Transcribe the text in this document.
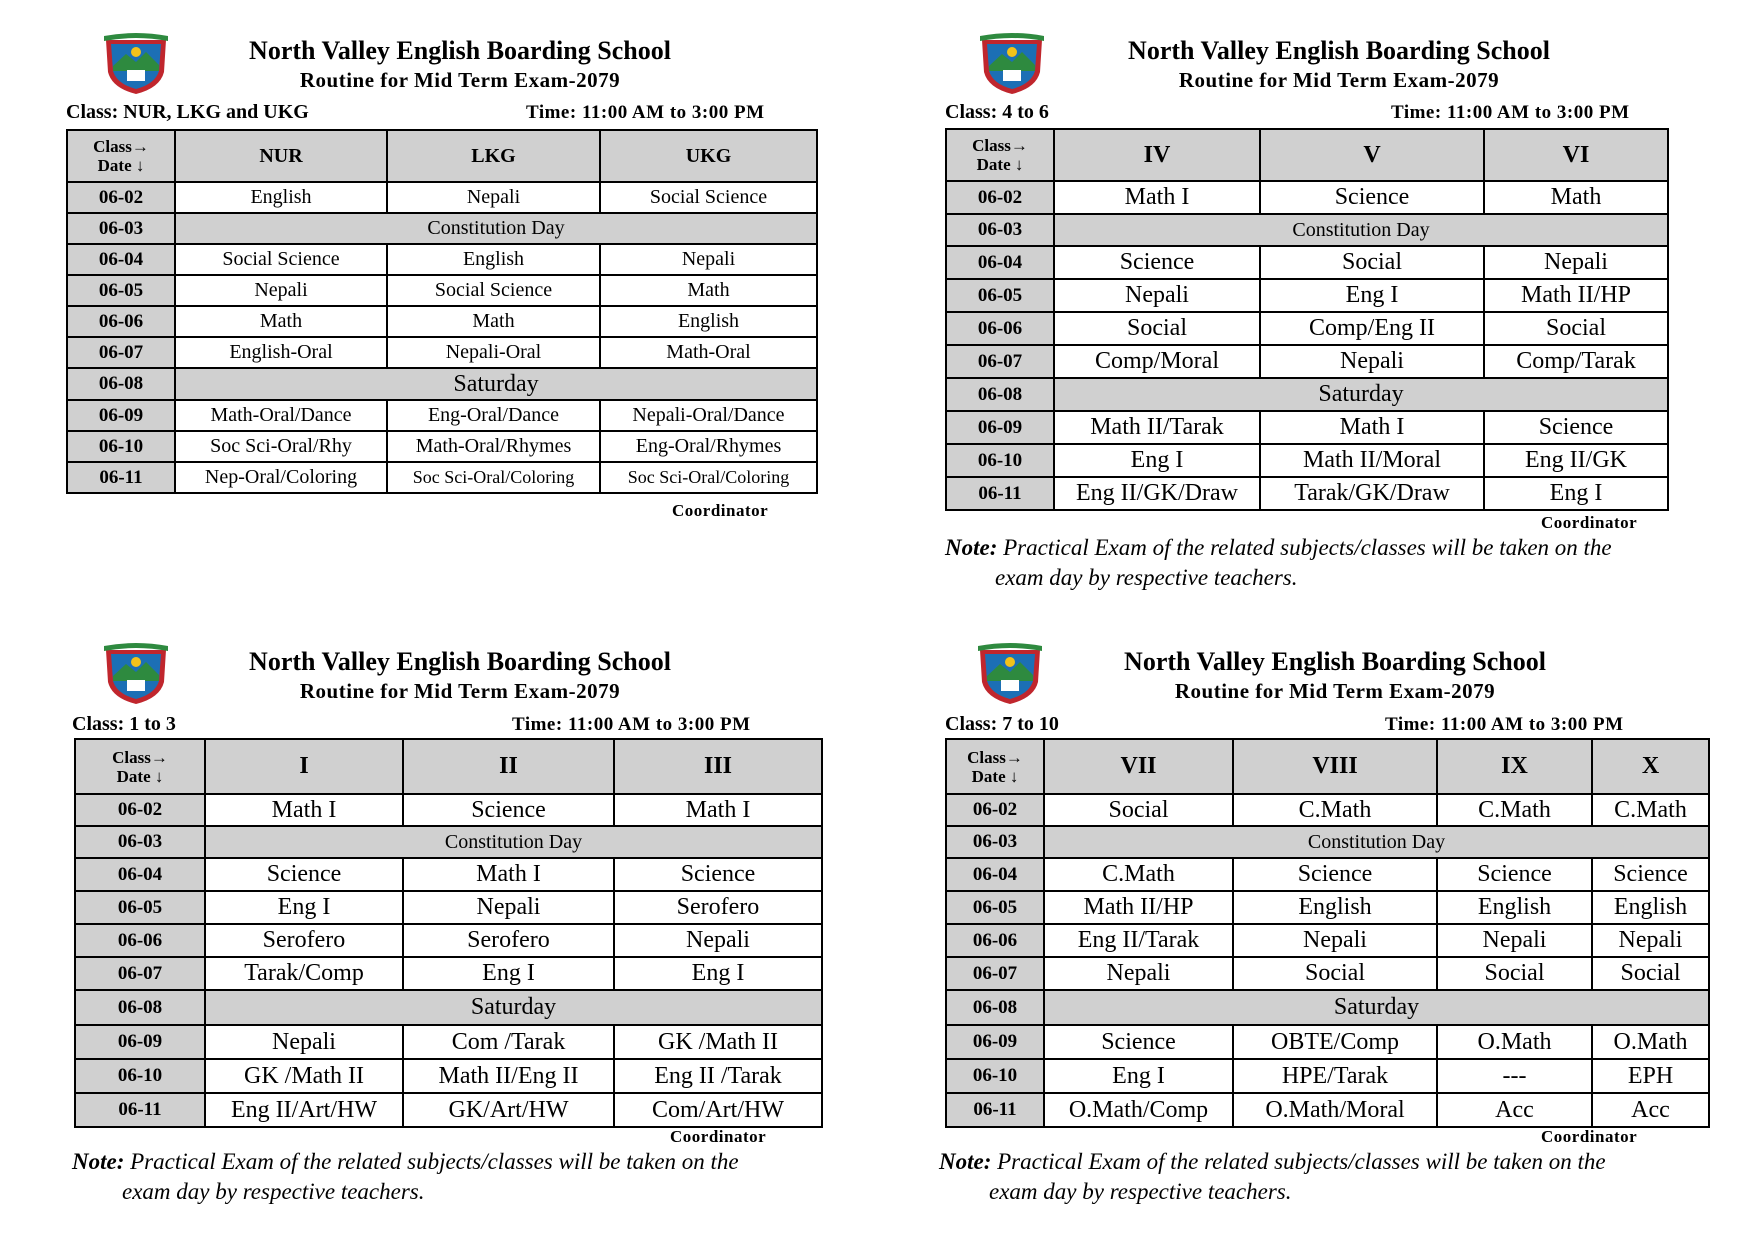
North Valley English Boarding School
Routine for Mid Term Exam-2079
Class: NUR, LKG and UKG	Time: 11:00 AM to 3:00 PM
Class→
Date ↓	NUR	LKG	UKG
06-02	English	Nepali	Social Science
06-03	Constitution Day		
06-04	Social Science	English	Nepali
06-05	Nepali	Social Science	Math
06-06	Math	Math	English
06-07	English-Oral	Nepali-Oral	Math-Oral
06-08	Saturday		
06-09	Math-Oral/Dance	Eng-Oral/Dance	Nepali-Oral/Dance
06-10	Soc Sci-Oral/Rhy	Math-Oral/Rhymes	Eng-Oral/Rhymes
06-11	Nep-Oral/Coloring	Soc Sci-Oral/Coloring	Soc Sci-Oral/Coloring
Coordinator
North Valley English Boarding School
Routine for Mid Term Exam-2079
Class: 4 to 6	Time: 11:00 AM to 3:00 PM
Class→
Date ↓	IV	V	VI
06-02	Math I	Science	Math
06-03	Constitution Day		
06-04	Science	Social	Nepali
06-05	Nepali	Eng I	Math II/HP
06-06	Social	Comp/Eng II	Social
06-07	Comp/Moral	Nepali	Comp/Tarak
06-08	Saturday		
06-09	Math II/Tarak	Math I	Science
06-10	Eng I	Math II/Moral	Eng II/GK
06-11	Eng II/GK/Draw	Tarak/GK/Draw	Eng I
Coordinator
Note: Practical Exam of the related subjects/classes will be taken on the
exam day by respective teachers.
North Valley English Boarding School
Routine for Mid Term Exam-2079
Class: 1 to 3	Time: 11:00 AM to 3:00 PM
Class→
Date ↓	I	II	III
06-02	Math I	Science	Math I
06-03	Constitution Day		
06-04	Science	Math I	Science
06-05	Eng I	Nepali	Serofero
06-06	Serofero	Serofero	Nepali
06-07	Tarak/Comp	Eng I	Eng I
06-08	Saturday		
06-09	Nepali	Com /Tarak	GK /Math II
06-10	GK /Math II	Math II/Eng II	Eng II /Tarak
06-11	Eng II/Art/HW	GK/Art/HW	Com/Art/HW
Coordinator
Note: Practical Exam of the related subjects/classes will be taken on the
exam day by respective teachers.
North Valley English Boarding School
Routine for Mid Term Exam-2079
Class: 7 to 10	Time: 11:00 AM to 3:00 PM
Class→
Date ↓	VII	VIII	IX	X
06-02	Social	C.Math	C.Math	C.Math
06-03	Constitution Day			
06-04	C.Math	Science	Science	Science
06-05	Math II/HP	English	English	English
06-06	Eng II/Tarak	Nepali	Nepali	Nepali
06-07	Nepali	Social	Social	Social
06-08	Saturday			
06-09	Science	OBTE/Comp	O.Math	O.Math
06-10	Eng I	HPE/Tarak	---	EPH
06-11	O.Math/Comp	O.Math/Moral	Acc	Acc
Coordinator
Note: Practical Exam of the related subjects/classes will be taken on the
exam day by respective teachers.
